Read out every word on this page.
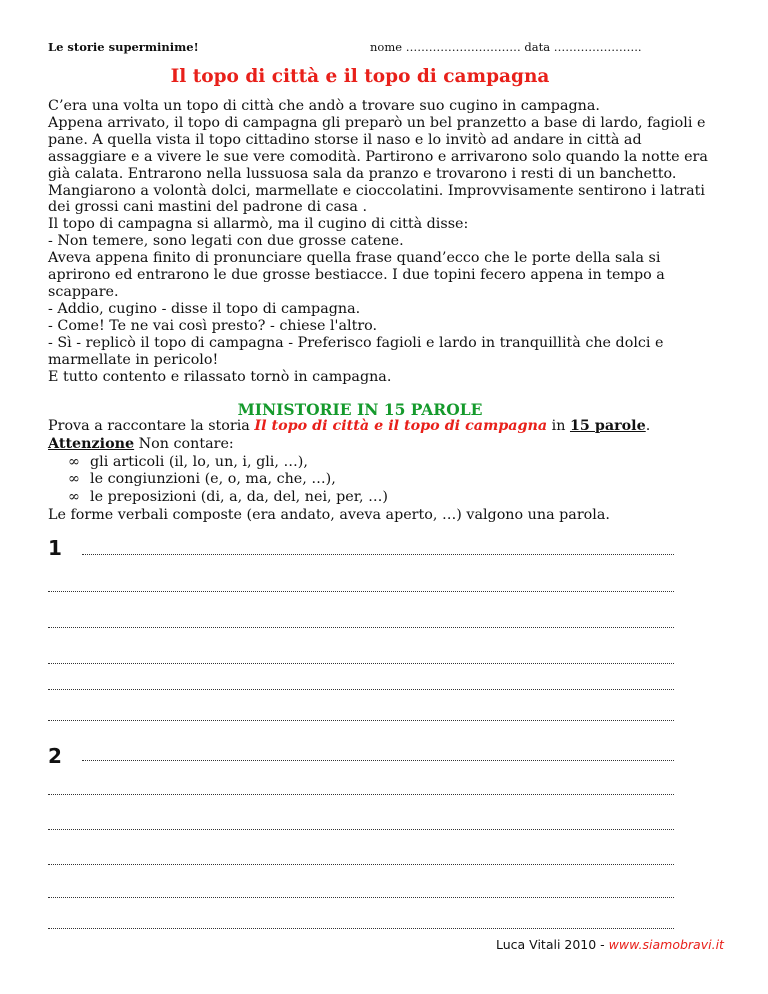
Le storie superminime!	nome ………………………… data …………………..
Il topo di città e il topo di campagna

C’era una volta un topo di città che andò a trovare suo cugino in campagna.

Appena arrivato, il topo di campagna gli preparò un bel pranzetto a base di lardo, fagioli e pane. A quella vista il topo cittadino storse il naso e lo invitò ad andare in città ad assaggiare e a vivere le sue vere comodità. Partirono e arrivarono solo quando la notte era già calata. Entrarono nella lussuosa sala da pranzo e trovarono i resti di un banchetto. Mangiarono a volontà dolci, marmellate e cioccolatini. Improvvisamente sentirono i latrati dei grossi cani mastini del padrone di casa .

Il topo di campagna si allarmò, ma il cugino di città disse:

- Non temere, sono legati con due grosse catene.

Aveva appena finito di pronunciare quella frase quand’ecco che le porte della sala si aprirono ed entrarono le due grosse bestiacce. I due topini fecero appena in tempo a scappare.

- Addio, cugino - disse il topo di campagna.

- Come! Te ne vai così presto? - chiese l'altro.

- Sì - replicò il topo di campagna - Preferisco fagioli e lardo in tranquillità che dolci e marmellate in pericolo!

E tutto contento e rilassato tornò in campagna.

MINISTORIE IN 15 PAROLE

Prova a raccontare la storia Il topo di città e il topo di campagna in 15 parole.

Attenzione Non contare:

∞ gli articoli (il, lo, un, i, gli, …),

∞ le congiunzioni (e, o, ma, che, …),

∞ le preposizioni (di, a, da, del, nei, per, …)

Le forme verbali composte (era andato, aveva aperto, …) valgono una parola.

1
2
Luca Vitali 2010 - www.siamobravi.it
